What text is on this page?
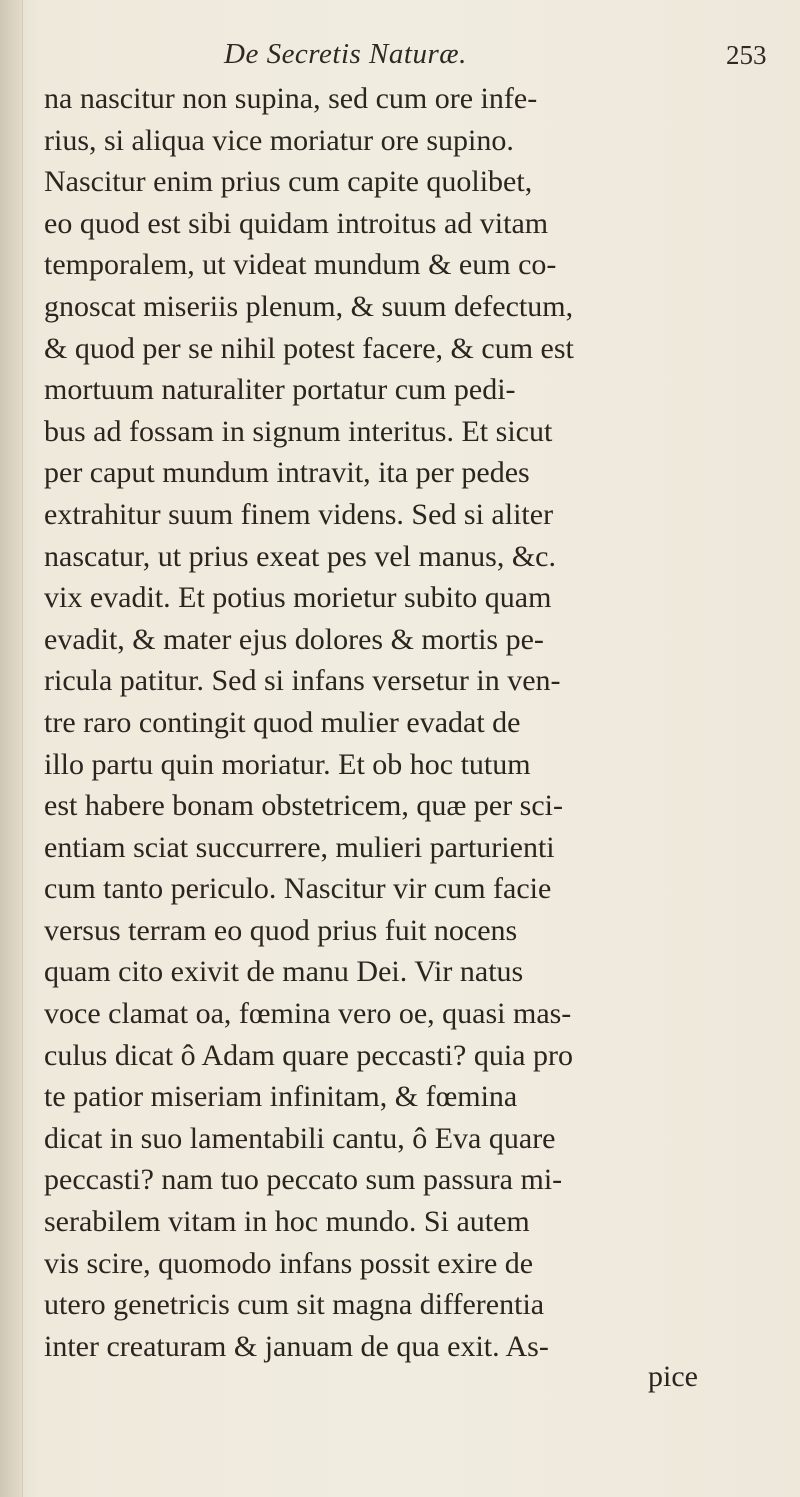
De Secretis Naturæ.	253
na nascitur non supina, sed cum ore infe-
rius, si aliqua vice moriatur ore supino.
Nascitur enim prius cum capite quolibet,
eo quod est sibi quidam introitus ad vitam
temporalem, ut videat mundum & eum co-
gnoscat miseriis plenum, & suum defectum,
& quod per se nihil potest facere, & cum est
mortuum naturaliter portatur cum pedi-
bus ad fossam in signum interitus. Et sicut
per caput mundum intravit, ita per pedes
extrahitur suum finem videns. Sed si aliter
nascatur, ut prius exeat pes vel manus, &c.
vix evadit. Et potius morietur subito quam
evadit, & mater ejus dolores & mortis pe-
ricula patitur. Sed si infans versetur in ven-
tre raro contingit quod mulier evadat de
illo partu quin moriatur. Et ob hoc tutum
est habere bonam obstetricem, quæ per sci-
entiam sciat succurrere, mulieri parturienti
cum tanto periculo. Nascitur vir cum facie
versus terram eo quod prius fuit nocens
quam cito exivit de manu Dei. Vir natus
voce clamat oa, fœmina vero oe, quasi mas-
culus dicat ô Adam quare peccasti? quia pro
te patior miseriam infinitam, & fœmina
dicat in suo lamentabili cantu, ô Eva quare
peccasti? nam tuo peccato sum passura mi-
serabilem vitam in hoc mundo. Si autem
vis scire, quomodo infans possit exire de
utero genetricis cum sit magna differentia
inter creaturam & januam de qua exit. As-
pice
